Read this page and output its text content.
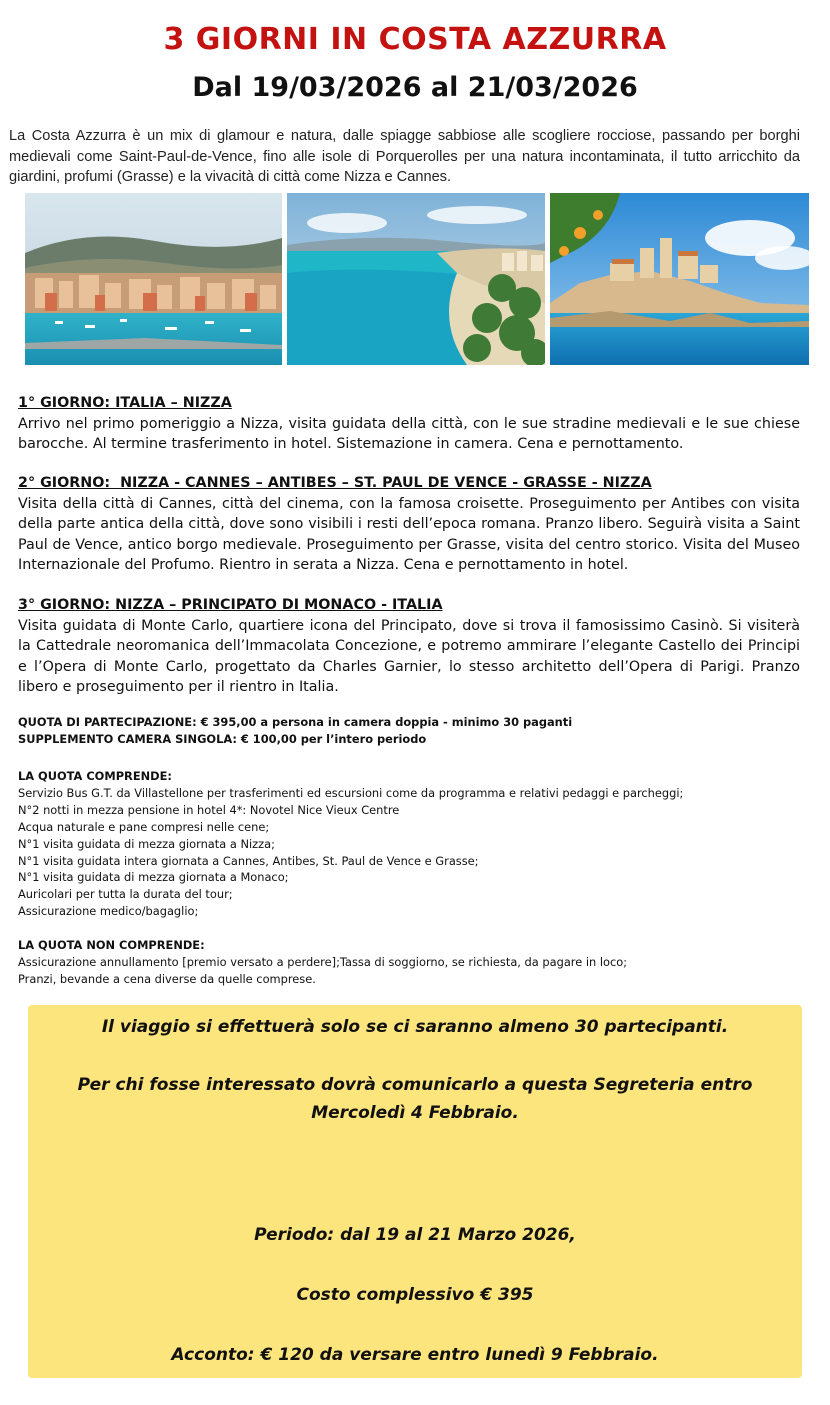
3 GIORNI IN COSTA AZZURRA
Dal 19/03/2026 al 21/03/2026
La Costa Azzurra è un mix di glamour e natura, dalle spiagge sabbiose alle scogliere rocciose, passando per borghi medievali come Saint-Paul-de-Vence, fino alle isole di Porquerolles per una natura incontaminata, il tutto arricchito da giardini, profumi (Grasse) e la vivacità di città come Nizza e Cannes.
1° GIORNO: ITALIA – NIZZA

Arrivo nel primo pomeriggio a Nizza, visita guidata della città, con le sue stradine medievali e le sue chiese barocche. Al termine trasferimento in hotel. Sistemazione in camera. Cena e pernottamento.

2° GIORNO:  NIZZA - CANNES – ANTIBES – ST. PAUL DE VENCE - GRASSE - NIZZA

Visita della città di Cannes, città del cinema, con la famosa croisette. Proseguimento per Antibes con visita della parte antica della città, dove sono visibili i resti dell’epoca romana. Pranzo libero. Seguirà visita a Saint Paul de Vence, antico borgo medievale. Proseguimento per Grasse, visita del centro storico. Visita del Museo Internazionale del Profumo. Rientro in serata a Nizza. Cena e pernottamento in hotel.

3° GIORNO: NIZZA – PRINCIPATO DI MONACO - ITALIA

Visita guidata di Monte Carlo, quartiere icona del Principato, dove si trova il famosissimo Casinò. Si visiterà la Cattedrale neoromanica dell’Immacolata Concezione, e potremo ammirare l’elegante Castello dei Principi e l’Opera di Monte Carlo, progettato da Charles Garnier, lo stesso architetto dell’Opera di Parigi. Pranzo libero e proseguimento per il rientro in Italia.

QUOTA DI PARTECIPAZIONE: € 395,00 a persona in camera doppia - minimo 30 paganti
SUPPLEMENTO CAMERA SINGOLA: € 100,00 per l’intero periodo
LA QUOTA COMPRENDE:
Servizio Bus G.T. da Villastellone per trasferimenti ed escursioni come da programma e relativi pedaggi e parcheggi;
N°2 notti in mezza pensione in hotel 4*: Novotel Nice Vieux Centre
Acqua naturale e pane compresi nelle cene;
N°1 visita guidata di mezza giornata a Nizza;
N°1 visita guidata intera giornata a Cannes, Antibes, St. Paul de Vence e Grasse;
N°1 visita guidata di mezza giornata a Monaco;
Auricolari per tutta la durata del tour;
Assicurazione medico/bagaglio;
LA QUOTA NON COMPRENDE:
Assicurazione annullamento [premio versato a perdere];Tassa di soggiorno, se richiesta, da pagare in loco;
Pranzi, bevande a cena diverse da quelle comprese.
Il viaggio si effettuerà solo se ci saranno almeno 30 partecipanti.
Per chi fosse interessato dovrà comunicarlo a questa Segreteria entro
Mercoledì 4 Febbraio.
Periodo: dal 19 al 21 Marzo 2026,
Costo complessivo € 395
Acconto: € 120 da versare entro lunedì 9 Febbraio.
